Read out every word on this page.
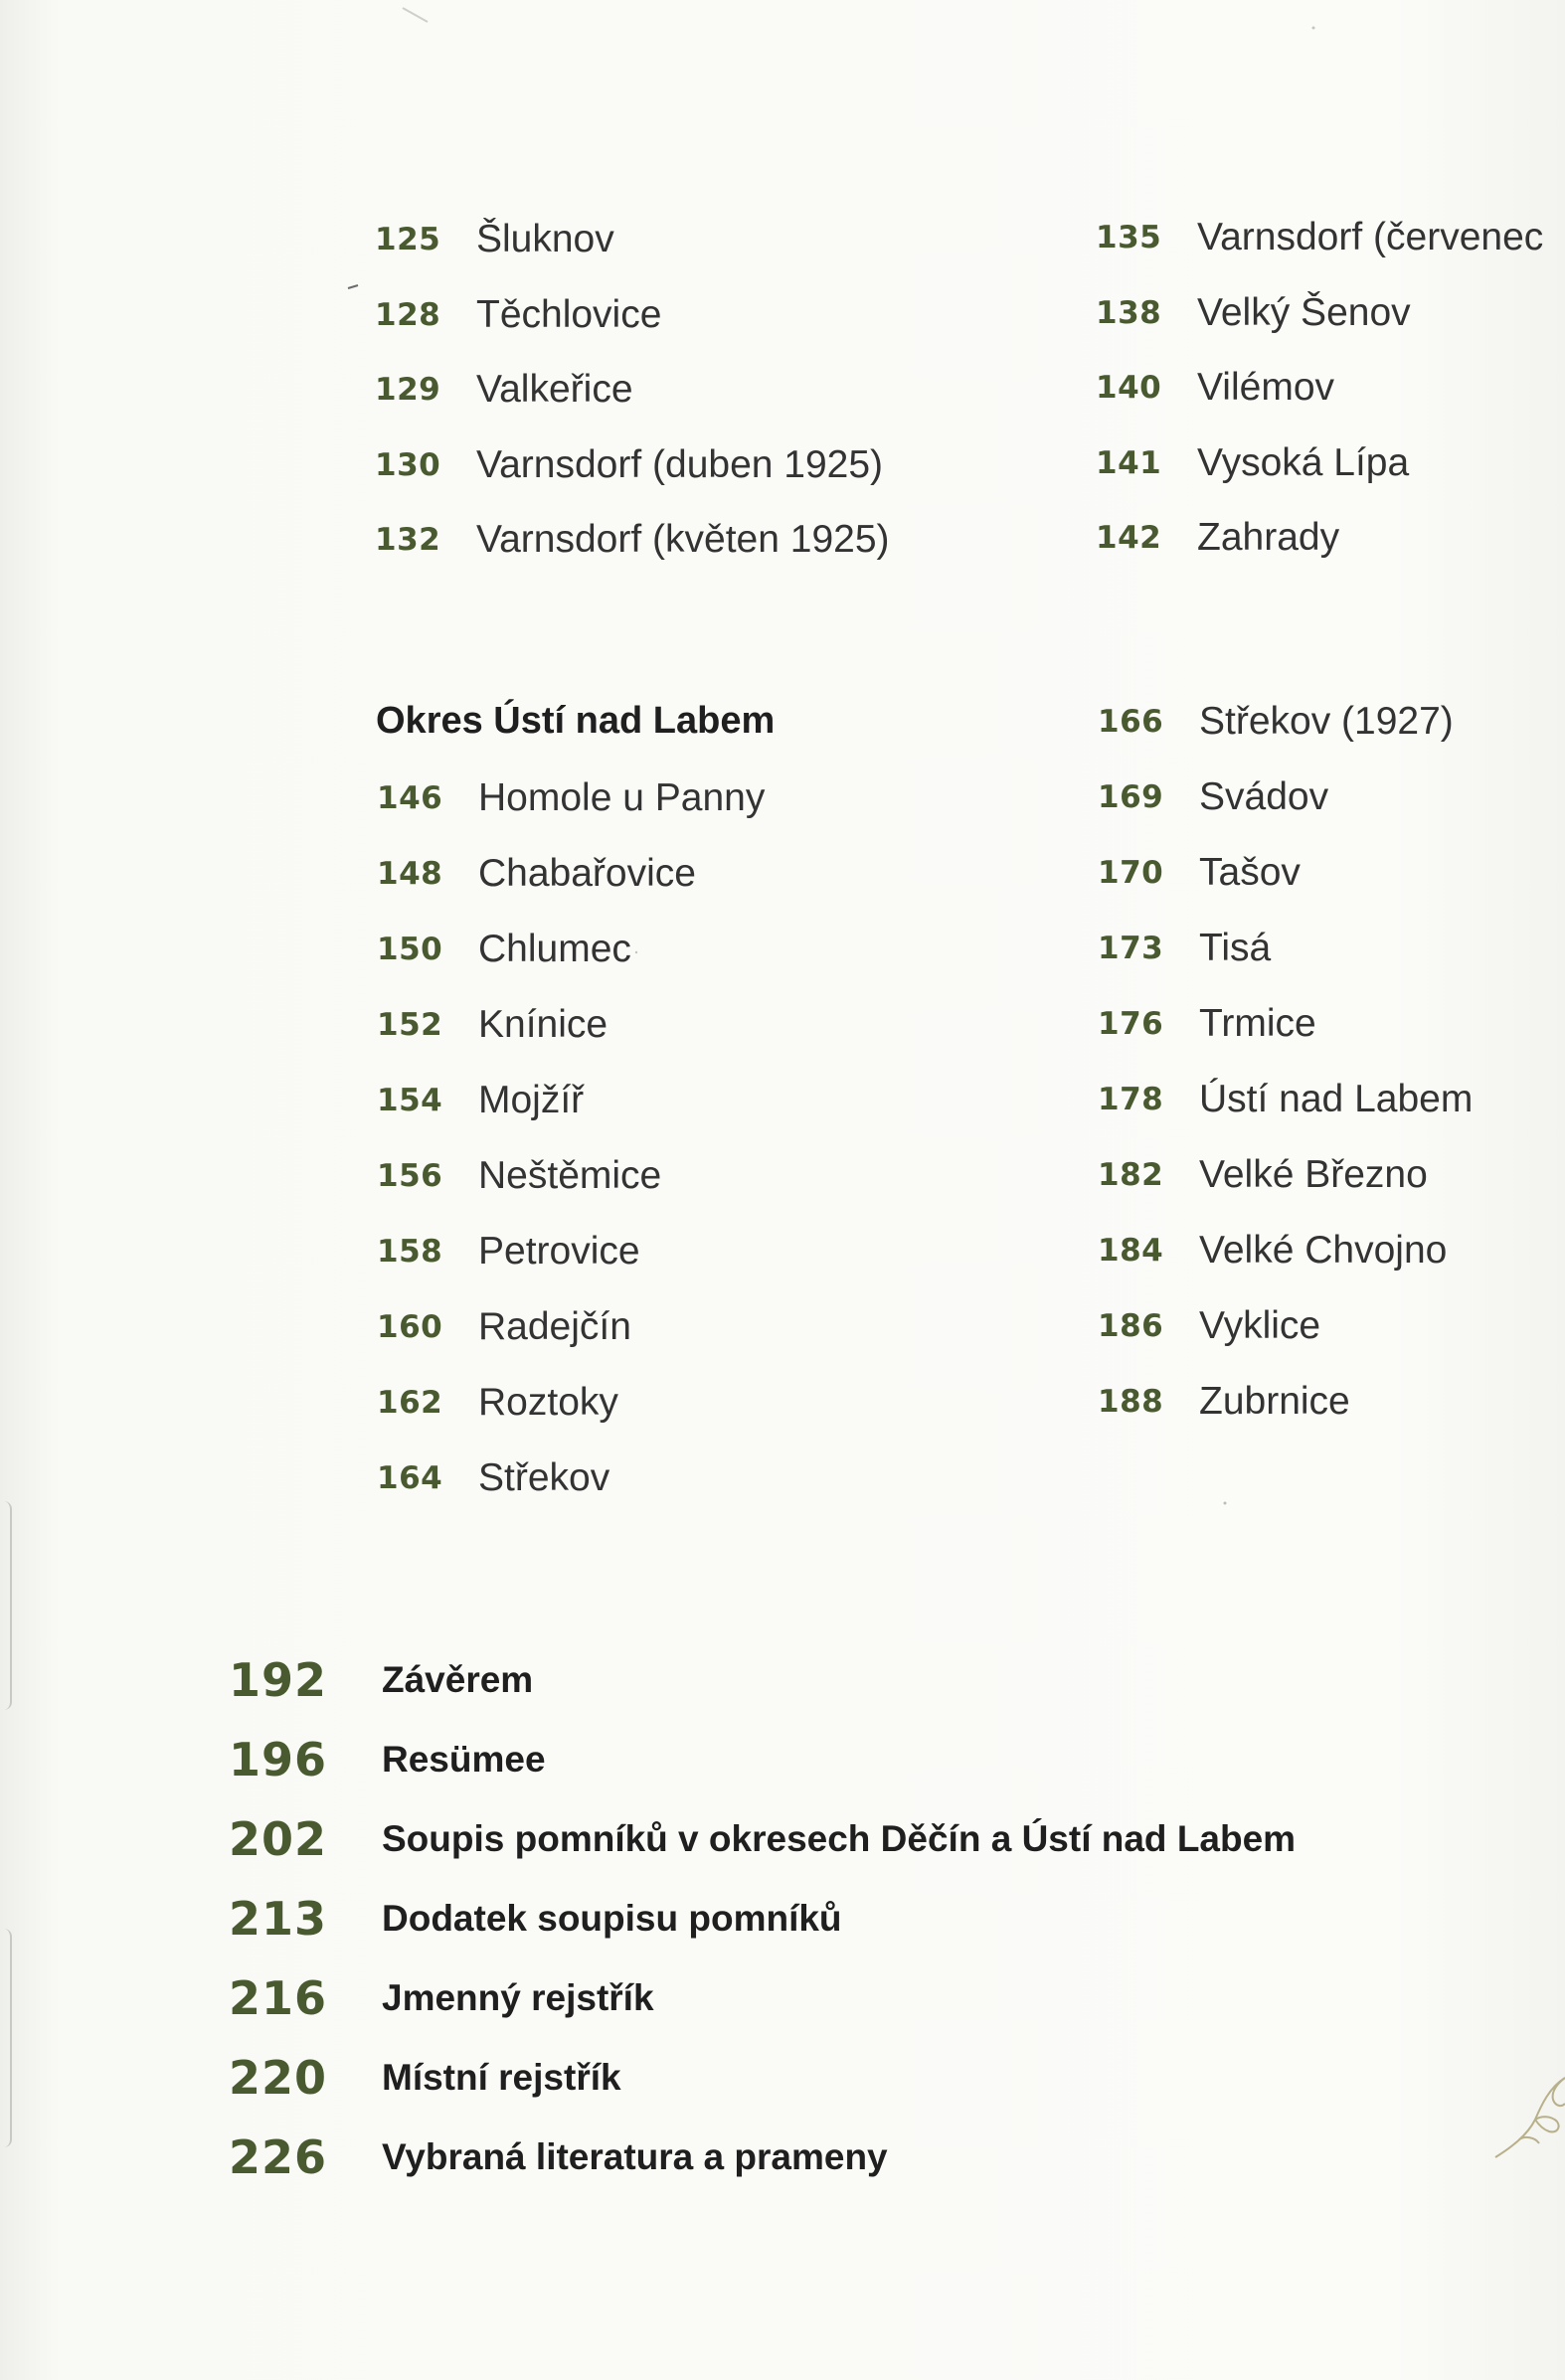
125 Šluknov
128 Těchlovice
129 Valkeřice
130 Varnsdorf (duben 1925)
132 Varnsdorf (květen 1925)
135 Varnsdorf (červenec
138 Velký Šenov
140 Vilémov
141 Vysoká Lípa
142 Zahrady
Okres Ústí nad Labem
146 Homole u Panny
148 Chabařovice
150 Chlumec
152 Knínice
154 Mojžíř
156 Neštěmice
158 Petrovice
160 Radejčín
162 Roztoky
164 Střekov
166 Střekov (1927)
169 Svádov
170 Tašov
173 Tisá
176 Trmice
178 Ústí nad Labem
182 Velké Březno
184 Velké Chvojno
186 Vyklice
188 Zubrnice
192 Závěrem
196 Resümee
202 Soupis pomníků v okresech Děčín a Ústí nad Labem
213 Dodatek soupisu pomníků
216 Jmenný rejstřík
220 Místní rejstřík
226 Vybraná literatura a prameny
